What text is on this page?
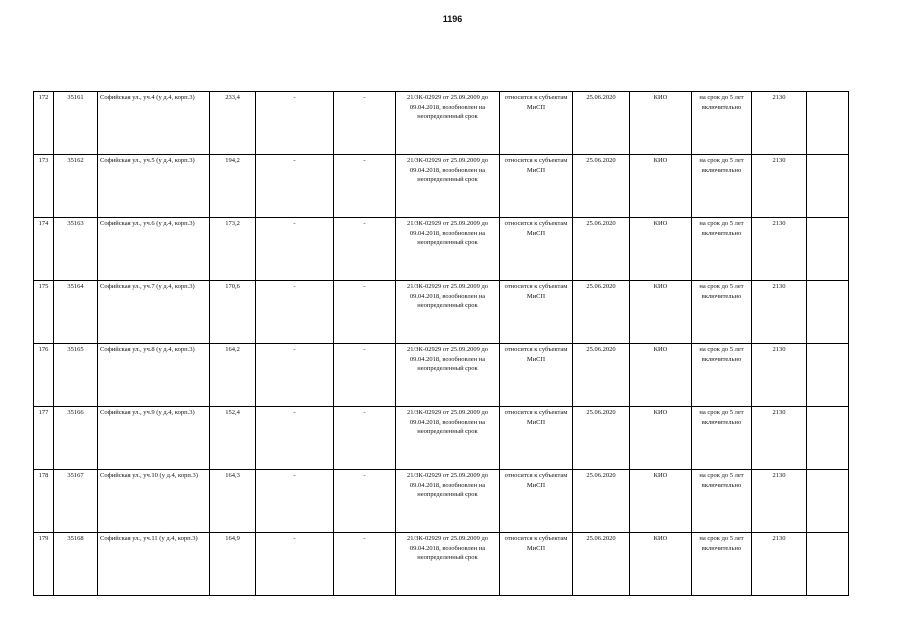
1196
172	35161	Софийская ул., уч.4 (у д.4, корп.3)	233,4	-	-	21/ЗК-02929 от 25.09.2009 до 09.04.2018, возобновлен на неопределенный срок	относится к субъектам МиСП	25.06.2020	КИО	на срок до 5 лет включительно	2130	
173	35162	Софийская ул., уч.5 (у д.4, корп.3)	194,2	-	-	21/ЗК-02929 от 25.09.2009 до 09.04.2018, возобновлен на неопределенный срок	относится к субъектам МиСП	25.06.2020	КИО	на срок до 5 лет включительно	2130	
174	35163	Софийская ул., уч.6 (у д.4, корп.3)	173,2	-	-	21/ЗК-02929 от 25.09.2009 до 09.04.2018, возобновлен на неопределенный срок	относится к субъектам МиСП	25.06.2020	КИО	на срок до 5 лет включительно	2130	
175	35164	Софийская ул., уч.7 (у д.4, корп.3)	170,6	-	-	21/ЗК-02929 от 25.09.2009 до 09.04.2018, возобновлен на неопределенный срок	относится к субъектам МиСП	25.06.2020	КИО	на срок до 5 лет включительно	2130	
176	35165	Софийская ул., уч.8 (у д.4, корп.3)	164,2	-	-	21/ЗК-02929 от 25.09.2009 до 09.04.2018, возобновлен на неопределенный срок	относится к субъектам МиСП	25.06.2020	КИО	на срок до 5 лет включительно	2130	
177	35166	Софийская ул., уч.9 (у д.4, корп.3)	152,4	-	-	21/ЗК-02929 от 25.09.2009 до 09.04.2018, возобновлен на неопределенный срок	относится к субъектам МиСП	25.06.2020	КИО	на срок до 5 лет включительно	2130	
178	35167	Софийская ул., уч.10 (у д.4, корп.3)	164,3	-	-	21/ЗК-02929 от 25.09.2009 до 09.04.2018, возобновлен на неопределенный срок	относится к субъектам МиСП	25.06.2020	КИО	на срок до 5 лет включительно	2130	
179	35168	Софийская ул., уч.11 (у д.4, корп.3)	164,9	-	-	21/ЗК-02929 от 25.09.2009 до 09.04.2018, возобновлен на неопределенный срок	относится к субъектам МиСП	25.06.2020	КИО	на срок до 5 лет включительно	2130	
